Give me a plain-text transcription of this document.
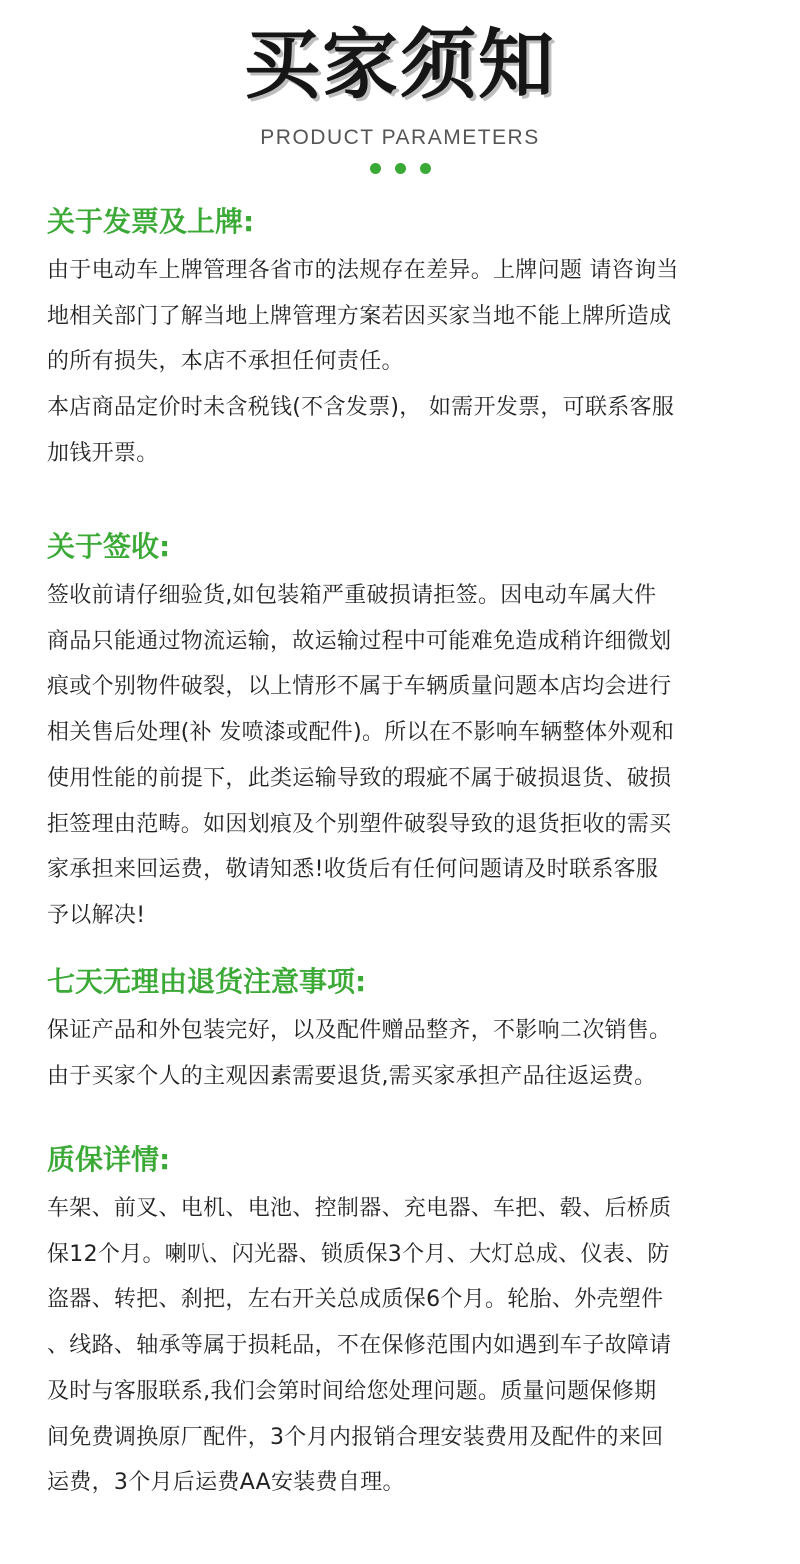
买家须知
PRODUCT PARAMETERS
关于发票及上牌:

由于电动车上牌管理各省市的法规存在差异。上牌问题 请咨询当

地相关部门了解当地上牌管理方案若因买家当地不能上牌所造成

的所有损失，本店不承担任何责任。

本店商品定价时未含税钱(不含发票)， 如需开发票，可联系客服

加钱开票。

关于签收:

签收前请仔细验货,如包装箱严重破损请拒签。因电动车属大件

商品只能通过物流运输，故运输过程中可能难免造成稍许细微划

痕或个别物件破裂，以上情形不属于车辆质量问题本店均会进行

相关售后处理(补 发喷漆或配件)。所以在不影响车辆整体外观和

使用性能的前提下，此类运输导致的瑕疵不属于破损退货、破损

拒签理由范畴。如因划痕及个别塑件破裂导致的退货拒收的需买

家承担来回运费，敬请知悉!收货后有任何问题请及时联系客服

予以解决!

七天无理由退货注意事项:

保证产品和外包装完好，以及配件赠品整齐，不影响二次销售。

由于买家个人的主观因素需要退货,需买家承担产品往返运费。

质保详情:

车架、前叉、电机、电池、控制器、充电器、车把、毂、后桥质

保12个月。喇叭、闪光器、锁质保3个月、大灯总成、仪表、防

盗器、转把、刹把，左右开关总成质保6个月。轮胎、外壳塑件

、线路、轴承等属于损耗品，不在保修范围内如遇到车子故障请

及时与客服联系,我们会第时间给您处理问题。质量问题保修期

间免费调换原厂配件，3个月内报销合理安装费用及配件的来回

运费，3个月后运费AA安装费自理。
